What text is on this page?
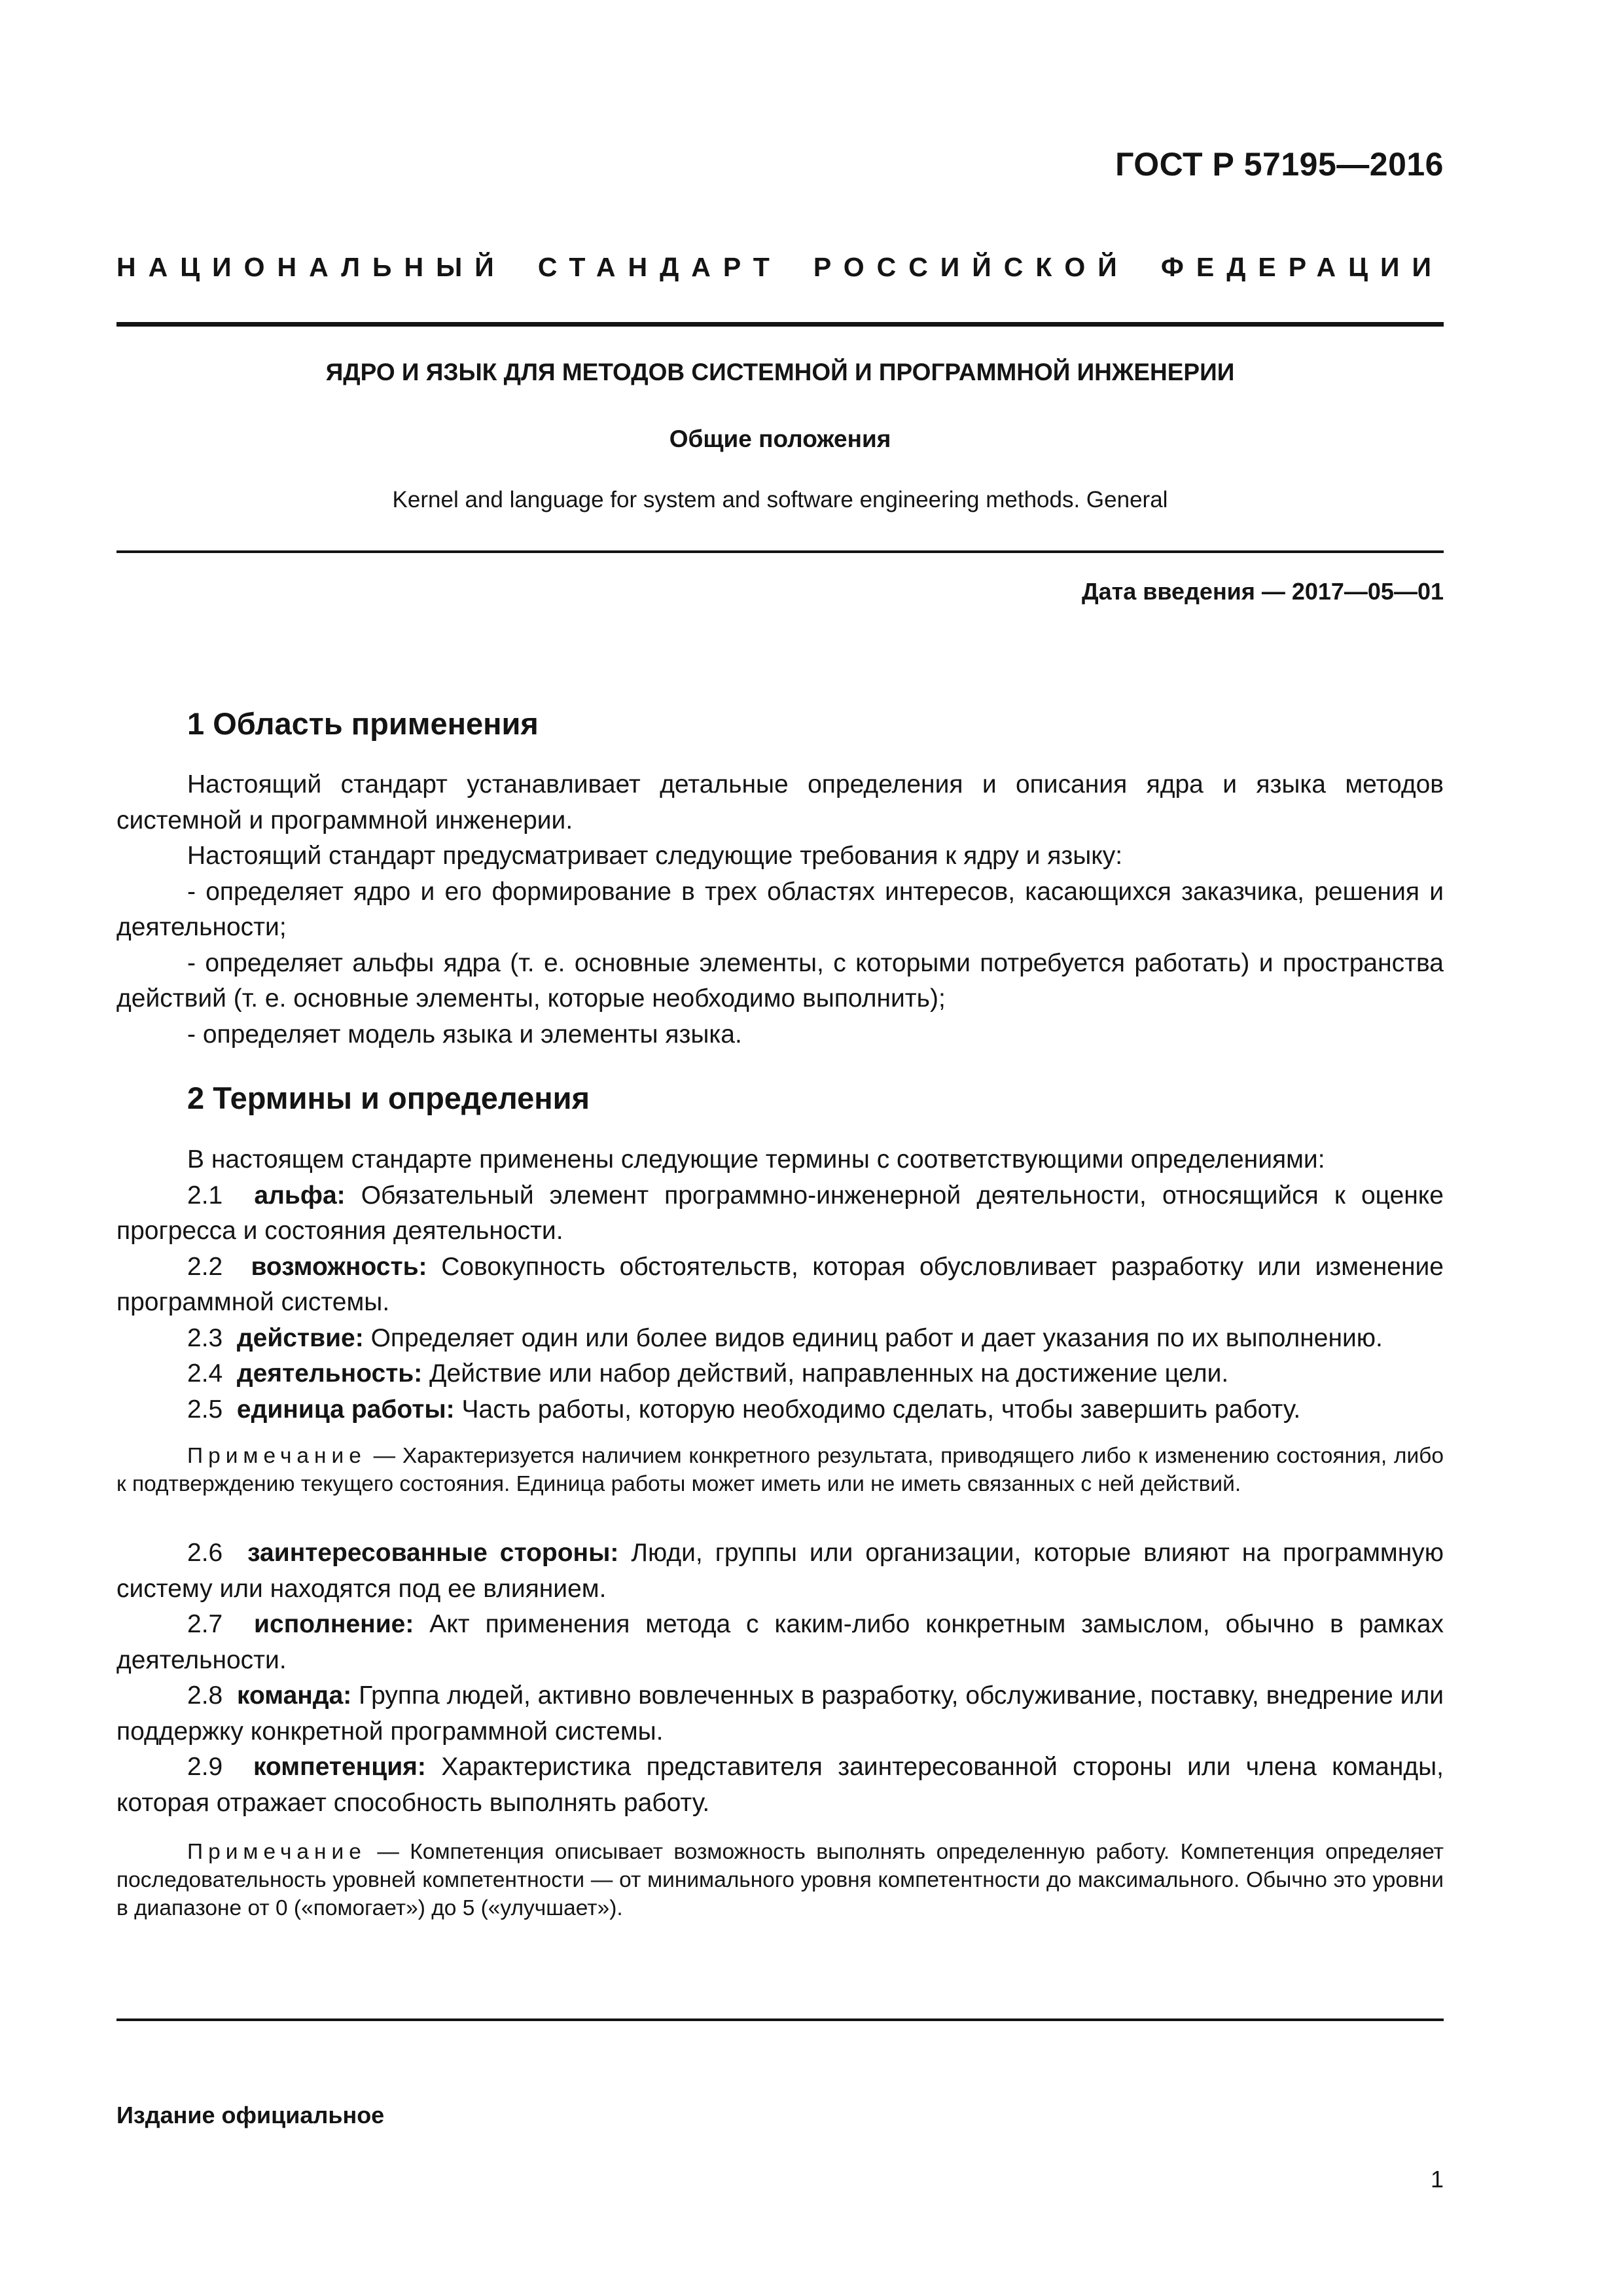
ГОСТ Р 57195—2016
НАЦИОНАЛЬНЫЙ СТАНДАРТ РОССИЙСКОЙ ФЕДЕРАЦИИ
ЯДРО И ЯЗЫК ДЛЯ МЕТОДОВ СИСТЕМНОЙ И ПРОГРАММНОЙ ИНЖЕНЕРИИ
Общие положения
Kernel and language for system and software engineering methods. General
Дата введения — 2017—05—01
1 Область применения

Настоящий стандарт устанавливает детальные определения и описания ядра и языка методов системной и программной инженерии.

Настоящий стандарт предусматривает следующие требования к ядру и языку:

- определяет ядро и его формирование в трех областях интересов, касающихся заказчика, решения и деятельности;

- определяет альфы ядра (т. е. основные элементы, с которыми потребуется работать) и пространства действий (т. е. основные элементы, которые необходимо выполнить);

- определяет модель языка и элементы языка.

2 Термины и определения

В настоящем стандарте применены следующие термины с соответствующими определениями:

2.1 альфа: Обязательный элемент программно-инженерной деятельности, относящийся к оценке прогресса и состояния деятельности.

2.2 возможность: Совокупность обстоятельств, которая обусловливает разработку или изменение программной системы.

2.3 действие: Определяет один или более видов единиц работ и дает указания по их выполнению.

2.4 деятельность: Действие или набор действий, направленных на достижение цели.

2.5 единица работы: Часть работы, которую необходимо сделать, чтобы завершить работу.

Примечание — Характеризуется наличием конкретного результата, приводящего либо к изменению состояния, либо к подтверждению текущего состояния. Единица работы может иметь или не иметь связанных с ней действий.

2.6 заинтересованные стороны: Люди, группы или организации, которые влияют на программную систему или находятся под ее влиянием.

2.7 исполнение: Акт применения метода с каким-либо конкретным замыслом, обычно в рамках деятельности.

2.8 команда: Группа людей, активно вовлеченных в разработку, обслуживание, поставку, внедрение или поддержку конкретной программной системы.

2.9 компетенция: Характеристика представителя заинтересованной стороны или члена команды, которая отражает способность выполнять работу.

Примечание — Компетенция описывает возможность выполнять определенную работу. Компетенция определяет последовательность уровней компетентности — от минимального уровня компетентности до максимального. Обычно это уровни в диапазоне от 0 («помогает») до 5 («улучшает»).

Издание официальное
1
